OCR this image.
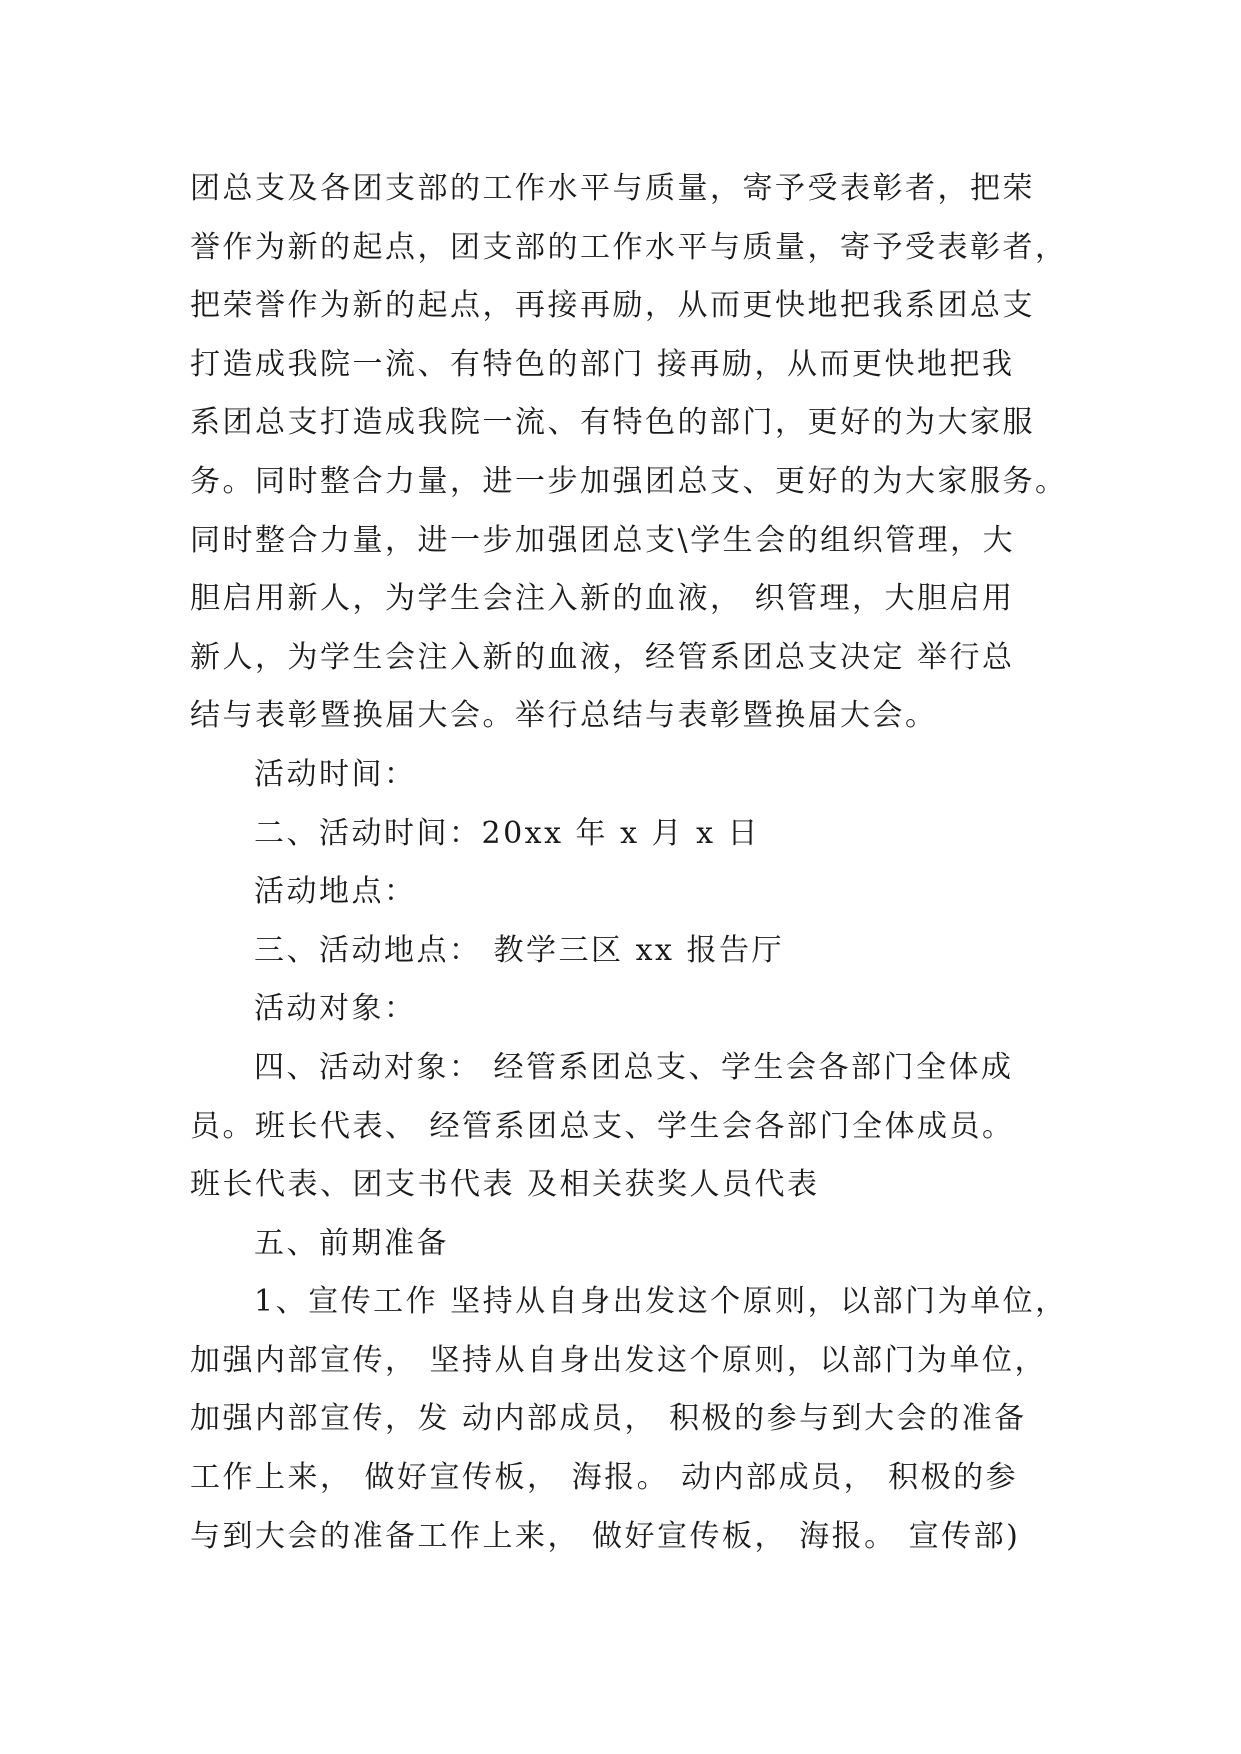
团总支及各团支部的工作水平与质量，寄予受表彰者，把荣
誉作为新的起点，团支部的工作水平与质量，寄予受表彰者，
把荣誉作为新的起点，再接再励，从而更快地把我系团总支
打造成我院一流、有特色的部门 接再励，从而更快地把我
系团总支打造成我院一流、有特色的部门，更好的为大家服
务。同时整合力量，进一步加强团总支、更好的为大家服务。
同时整合力量，进一步加强团总支\学生会的组织管理，大
胆启用新人，为学生会注入新的血液， 织管理，大胆启用
新人，为学生会注入新的血液，经管系团总支决定 举行总
结与表彰暨换届大会。举行总结与表彰暨换届大会。
活动时间：
二、活动时间：20xx 年 x 月 x 日
活动地点：
三、活动地点： 教学三区 xx 报告厅
活动对象：
四、活动对象： 经管系团总支、学生会各部门全体成
员。班长代表、 经管系团总支、学生会各部门全体成员。
班长代表、团支书代表 及相关获奖人员代表
五、前期准备
1、宣传工作 坚持从自身出发这个原则，以部门为单位，
加强内部宣传， 坚持从自身出发这个原则，以部门为单位，
加强内部宣传，发 动内部成员， 积极的参与到大会的准备
工作上来， 做好宣传板， 海报。 动内部成员， 积极的参
与到大会的准备工作上来， 做好宣传板， 海报。 宣传部)
